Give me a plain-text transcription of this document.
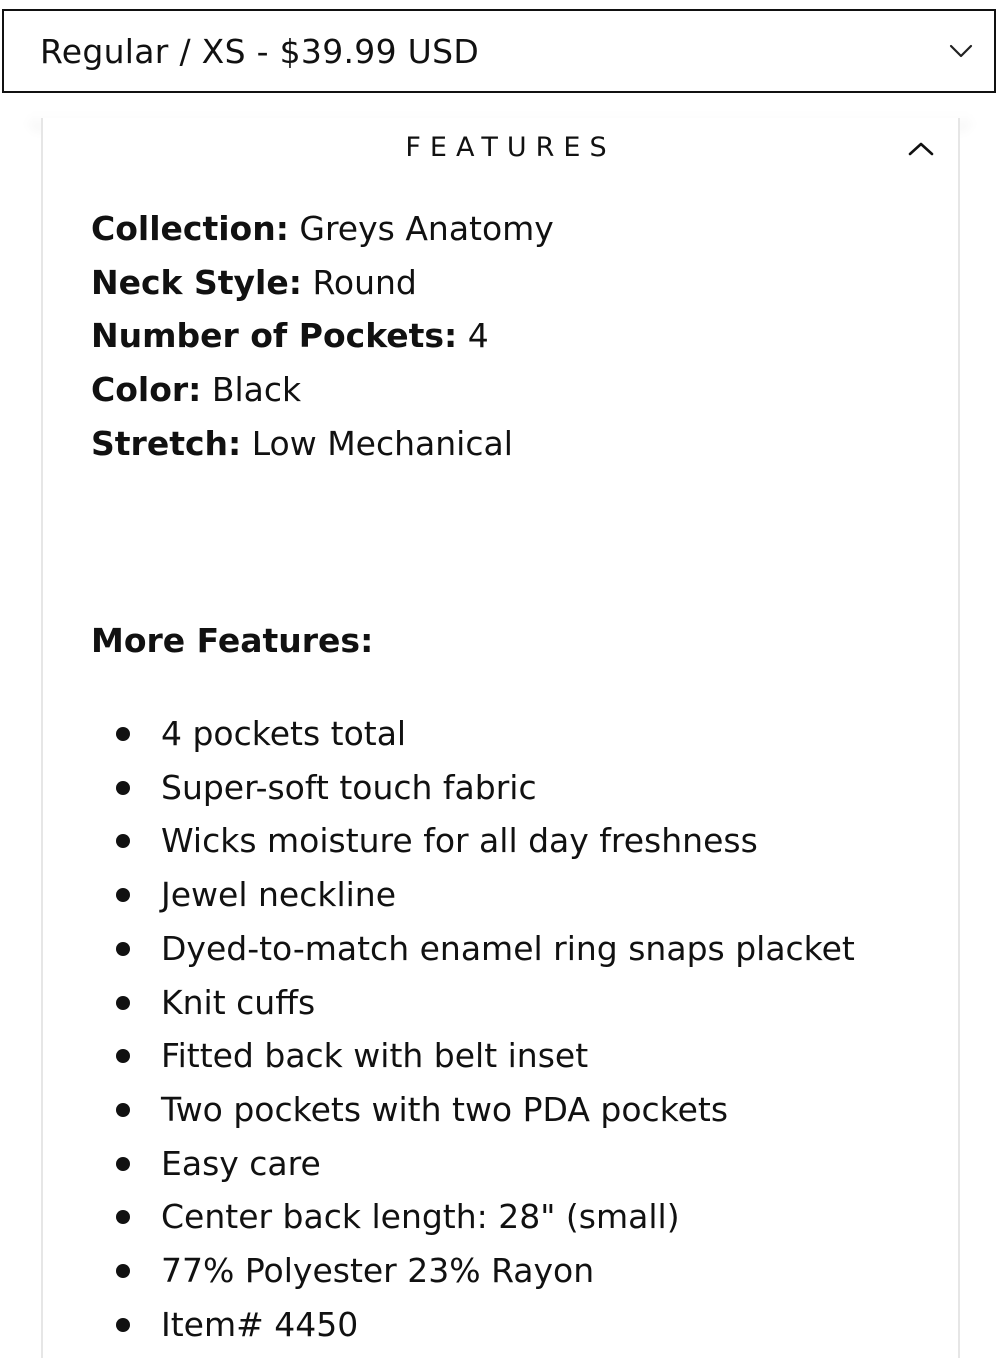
Regular / XS - $39.99 USD
FEATURES
Collection: Greys Anatomy
Neck Style: Round
Number of Pockets: 4
Color: Black
Stretch: Low Mechanical
More Features:
4 pockets total
Super-soft touch fabric
Wicks moisture for all day freshness
Jewel neckline
Dyed-to-match enamel ring snaps placket
Knit cuffs
Fitted back with belt inset
Two pockets with two PDA pockets
Easy care
Center back length: 28" (small)
77% Polyester 23% Rayon
Item# 4450
